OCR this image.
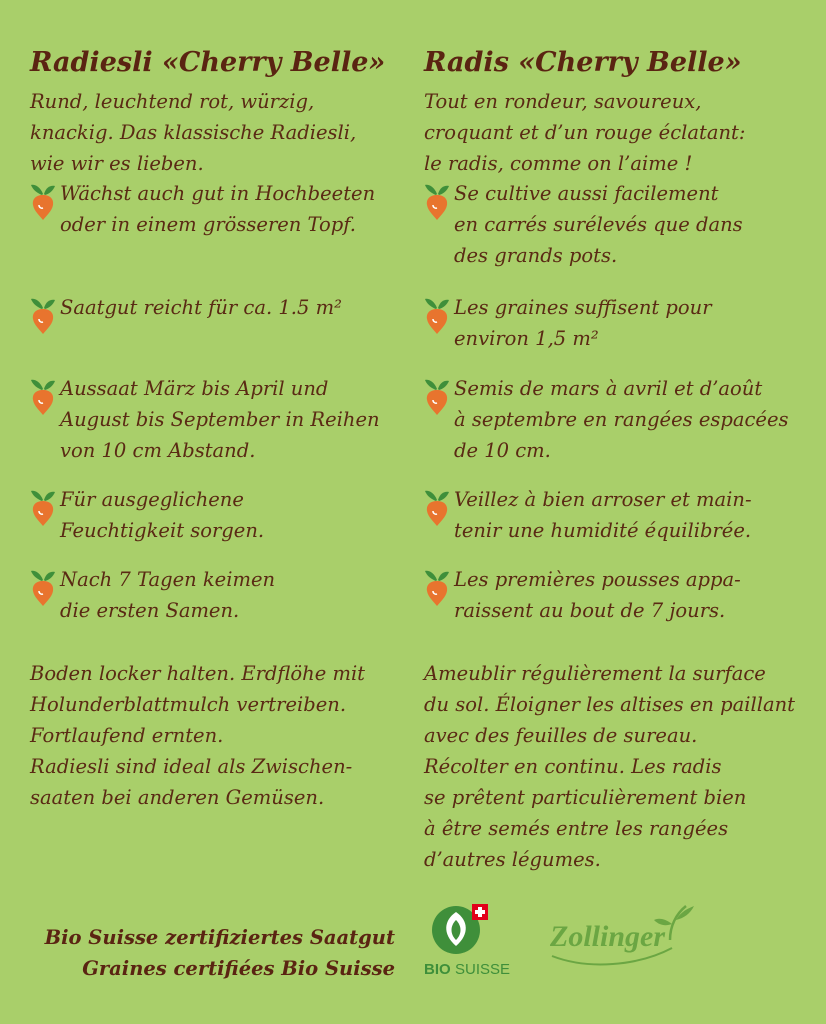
Radiesli «Cherry Belle»
Rund, leuchtend rot, würzig,
knackig. Das klassische Radiesli,
wie wir es lieben.
Wächst auch gut in Hochbeeten
oder in einem grösseren Topf.
Saatgut reicht für ca. 1.5 m²
Aussaat März bis April und
August bis September in Reihen
von 10 cm Abstand.
Für ausgeglichene
Feuchtigkeit sorgen.
Nach 7 Tagen keimen
die ersten Samen.
Boden locker halten. Erdflöhe mit
Holunderblattmulch vertreiben.
Fortlaufend ernten.
Radiesli sind ideal als Zwischen-
saaten bei anderen Gemüsen.
Radis «Cherry Belle»
Tout en rondeur, savoureux,
croquant et d’un rouge éclatant:
le radis, comme on l’aime !
Se cultive aussi facilement
en carrés surélevés que dans
des grands pots.
Les graines suffisent pour
environ 1,5 m²
Semis de mars à avril et d’août
à septembre en rangées espacées
de 10 cm.
Veillez à bien arroser et main-
tenir une humidité équilibrée.
Les premières pousses appa-
raissent au bout de 7 jours.
Ameublir régulièrement la surface
du sol. Éloigner les altises en paillant
avec des feuilles de sureau.
Récolter en continu. Les radis
se prêtent particulièrement bien
à être semés entre les rangées
d’autres légumes.
Bio Suisse zertifiziertes Saatgut
Graines certifiées Bio Suisse BIO SUISSE
Zollinger
